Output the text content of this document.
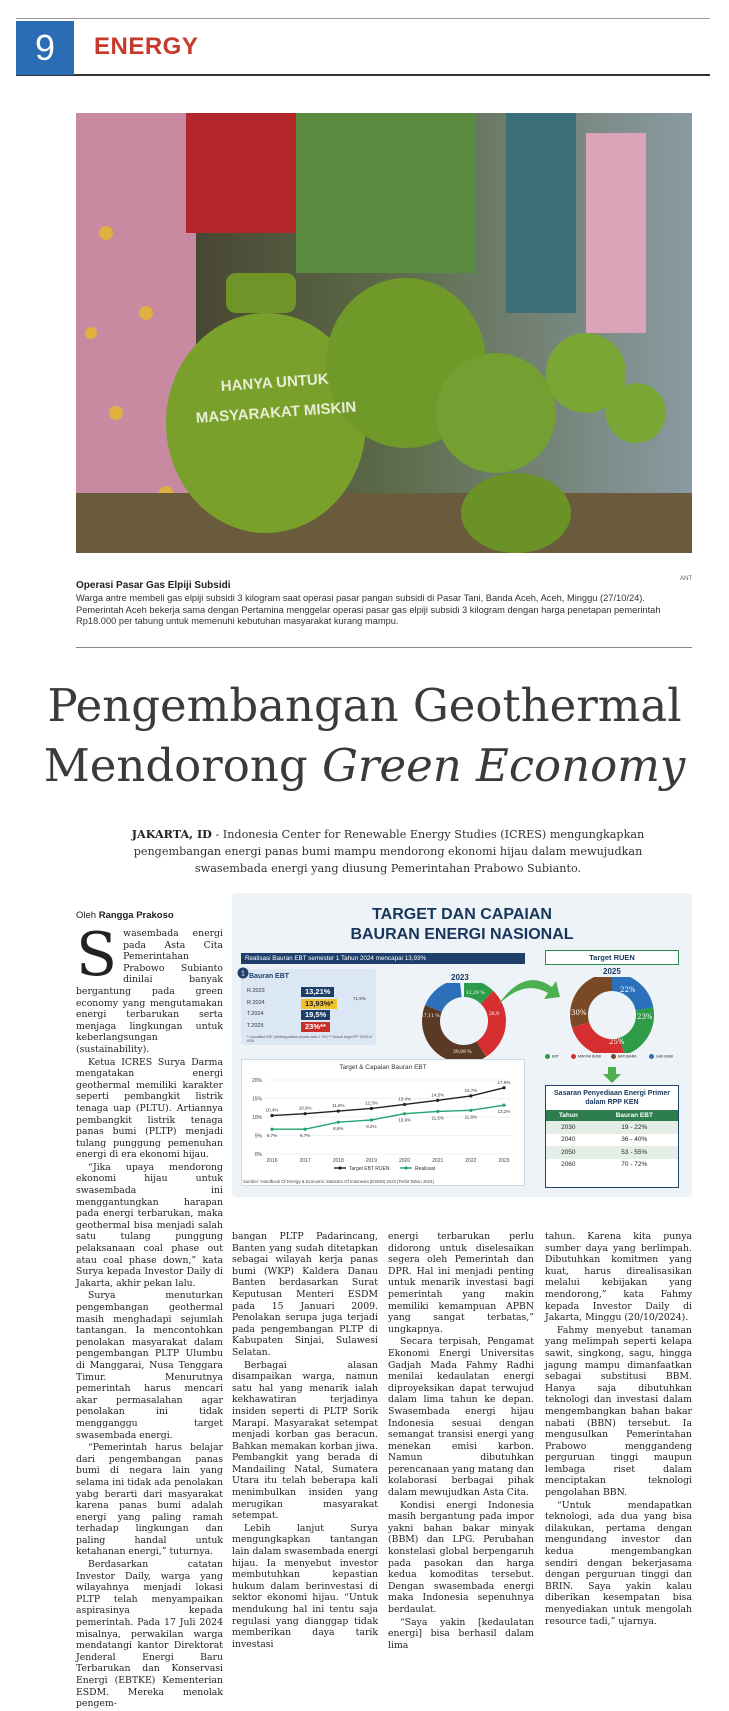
9	ENERGY
HANYA UNTUK
MASYARAKAT MISKIN
ANT
Operasi Pasar Gas Elpiji Subsidi
Warga antre membeli gas elpiji subsidi 3 kilogram saat operasi pasar pangan subsidi di Pasar Tani, Banda Aceh, Aceh, Minggu (27/10/24). Pemerintah Aceh bekerja sama dengan Pertamina menggelar operasi pasar gas elpiji subsidi 3 kilogram dengan harga penetapan pemerintah Rp18.000 per tabung untuk memenuhi kebutuhan masyarakat kurang mampu.
Pengembangan Geothermal
Mendorong Green Economy
JAKARTA, ID - Indonesia Center for Renewable Energy Studies (ICRES) mengungkapkan pengembangan energi panas bumi mampu mendorong ekonomi hijau dalam mewujudkan swasembada energi yang diusung Pemerintahan Prabowo Subianto.
Oleh Rangga Prakoso

Swasembada energi pada Asta Cita Pemerintahan Prabowo Subianto dinilai banyak bergantung pada green economy yang mengutamakan energi terbarukan serta menjaga lingkungan untuk keberlangsungan (sustainability).

Ketua ICRES Surya Darma mengatakan energi geothermal memiliki karakter seperti pembangkit listrik tenaga uap (PLTU). Artiannya pembangkit listrik tenaga panas bumi (PLTP) menjadi tulang punggung pemenuhan energi di era ekonomi hijau.

“Jika upaya mendorong ekonomi hijau untuk swasembada ini menggantungkan harapan pada energi terbarukan, maka geothermal bisa menjadi salah satu tulang punggung pelaksanaan coal phase out atau coal phase down,” kata Surya kepada Investor Daily di Jakarta, akhir pekan lalu.

Surya menuturkan pengembangan geothermal masih menghadapi sejumlah tantangan. Ia mencontohkan penolakan masyarakat dalam pengembangan PLTP Ulumbu di Manggarai, Nusa Tenggara Timur. Menurutnya pemerintah harus mencari akar permasalahan agar penolakan ini tidak mengganggu target swasembada energi.

“Pemerintah harus belajar dari pengembangan panas bumi di negara lain yang selama ini tidak ada penolakan yabg berarti dari masyarakat karena panas bumi adalah energi yang paling ramah terhadap lingkungan dan paling handal untuk ketahanan energi,” tuturnya.

Berdasarkan catatan Investor Daily, warga yang wilayahnya menjadi lokasi PLTP telah menyampaikan aspirasinya kepada pemerintah. Pada 17 Juli 2024 misalnya, perwakilan warga mendatangi kantor Direktorat Jenderal Energi Baru Terbarukan dan Konservasi Energi (EBTKE) Kementerian ESDM. Mereka menolak pengem-

TARGET DAN CAPAIAN
BAURAN ENERGI NASIONAL
Realisasi Bauran EBT semester 1 Tahun 2024 mencapai 13,93%
1 Bauran EBT
R.2023	13,21%
R.2024	13,93%*
T.2024	19,5%
T.2025	23%**
71,5%
* Unaudited EBT (dihitung dalam proses data 1 TW) ** Sesuai target PP 79/2014 KEN
2023
12,29 %
28,9
17,11 %
39,89 %
Target RUEN
2025
22%
23%
25%
30%
EBT	MINYAK BUMI	BATUBARA	GAS BUMI
Sasaran Penyediaan Energi Primer dalam RPP KEN
Tahun	Bauran EBT
2030	19 - 22%
2040	36 - 40%
2050	53 - 55%
2060	70 - 72%
Target & Capaian Bauran EBT
0%
5%
10%
15%
20%
2016	2017	2018	2019	2020	2021	2022	2023
10,4%	10,9%
11,6%
12,3%
13,4%
14,5%
15,7%
17,9%
6,7%	6,7%
8,6%	9,2%
10,9%	11,5%	11,8%
13,2%
Target EBT RUEN	Realisasi
Sumber: Handbook Of Energy & Economic Statistics Of Indonesia (ESDM) 2023 (Terbit Tahun 2024)

bangan PLTP Padarincang, Banten yang sudah ditetapkan sebagai wilayah kerja panas bumi (WKP) Kaldera Danau Banten berdasarkan Surat Keputusan Menteri ESDM pada 15 Januari 2009. Penolakan serupa juga terjadi pada pengembangan PLTP di Kabupaten Sinjai, Sulawesi Selatan.

Berbagai alasan disampaikan warga, namun satu hal yang menarik ialah kekhawatiran terjadinya insiden seperti di PLTP Sorik Marapi. Masyarakat setempat menjadi korban gas beracun. Bahkan memakan korban jiwa. Pembangkit yang berada di Mandailing Natal, Sumatera Utara itu telah beberapa kali menimbulkan insiden yang merugikan masyarakat setempat.

Lebih lanjut Surya mengungkapkan tantangan lain dalam swasembada energi hijau. Ia menyebut investor membutuhkan kepastian hukum dalam berinvestasi di sektor ekonomi hijau. “Untuk mendukung hal ini tentu saja regulasi yang dianggap tidak memberikan daya tarik investasi

energi terbarukan perlu didorong untuk diselesaikan segera oleh Pemerintah dan DPR. Hal ini menjadi penting untuk menarik investasi bagi pemerintah yang makin memiliki kemampuan APBN yang sangat terbatas,” ungkapnya.

Secara terpisah, Pengamat Ekonomi Energi Universitas Gadjah Mada Fahmy Radhi menilai kedaulatan energi diproyeksikan dapat terwujud dalam lima tahun ke depan. Swasembada energi hijau Indonesia sesuai dengan semangat transisi energi yang menekan emisi karbon. Namun dibutuhkan perencanaan yang matang dan kolaborasi berbagai pihak dalam mewujudkan Asta Cita.

Kondisi energi Indonesia masih bergantung pada impor yakni bahan bakar minyak (BBM) dan LPG. Perubahan konstelasi global berpengaruh pada pasokan dan harga kedua komoditas tersebut. Dengan swasembada energi maka Indonesia sepenuhnya berdaulat.

“Saya yakin [kedaulatan energi] bisa berhasil dalam lima

tahun. Karena kita punya sumber daya yang berlimpah. Dibutuhkan komitmen yang kuat, harus direalisasikan melalui kebijakan yang mendorong,” kata Fahmy kepada Investor Daily di Jakarta, Minggu (20/10/2024).

Fahmy menyebut tanaman yang melimpah seperti kelapa sawit, singkong, sagu, hingga jagung mampu dimanfaatkan sebagai substitusi BBM. Hanya saja dibutuhkan teknologi dan investasi dalam mengembangkan bahan bakar nabati (BBN) tersebut. Ia mengusulkan Pemerintahan Prabowo menggandeng perguruan tinggi maupun lembaga riset dalam menciptakan teknologi pengolahan BBN.

“Untuk mendapatkan teknologi, ada dua yang bisa dilakukan, pertama dengan mengundang investor dan kedua mengembangkan sendiri dengan bekerjasama dengan perguruan tinggi dan BRIN. Saya yakin kalau diberikan kesempatan bisa menyediakan untuk mengolah resource tadi,” ujarnya.
